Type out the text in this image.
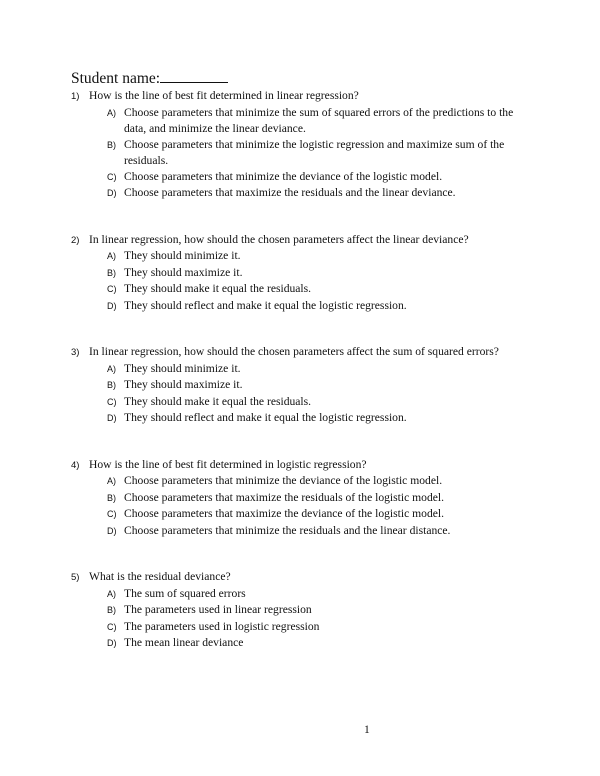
Student name:
1) How is the line of best fit determined in linear regression?
A) Choose parameters that minimize the sum of squared errors of the predictions to the
data, and minimize the linear deviance.
B) Choose parameters that minimize the logistic regression and maximize sum of the
residuals.
C) Choose parameters that minimize the deviance of the logistic model.
D) Choose parameters that maximize the residuals and the linear deviance.
2) In linear regression, how should the chosen parameters affect the linear deviance?
A) They should minimize it.
B) They should maximize it.
C) They should make it equal the residuals.
D) They should reflect and make it equal the logistic regression.
3) In linear regression, how should the chosen parameters affect the sum of squared errors?
A) They should minimize it.
B) They should maximize it.
C) They should make it equal the residuals.
D) They should reflect and make it equal the logistic regression.
4) How is the line of best fit determined in logistic regression?
A) Choose parameters that minimize the deviance of the logistic model.
B) Choose parameters that maximize the residuals of the logistic model.
C) Choose parameters that maximize the deviance of the logistic model.
D) Choose parameters that minimize the residuals and the linear distance.
5) What is the residual deviance?
A) The sum of squared errors
B) The parameters used in linear regression
C) The parameters used in logistic regression
D) The mean linear deviance
1
